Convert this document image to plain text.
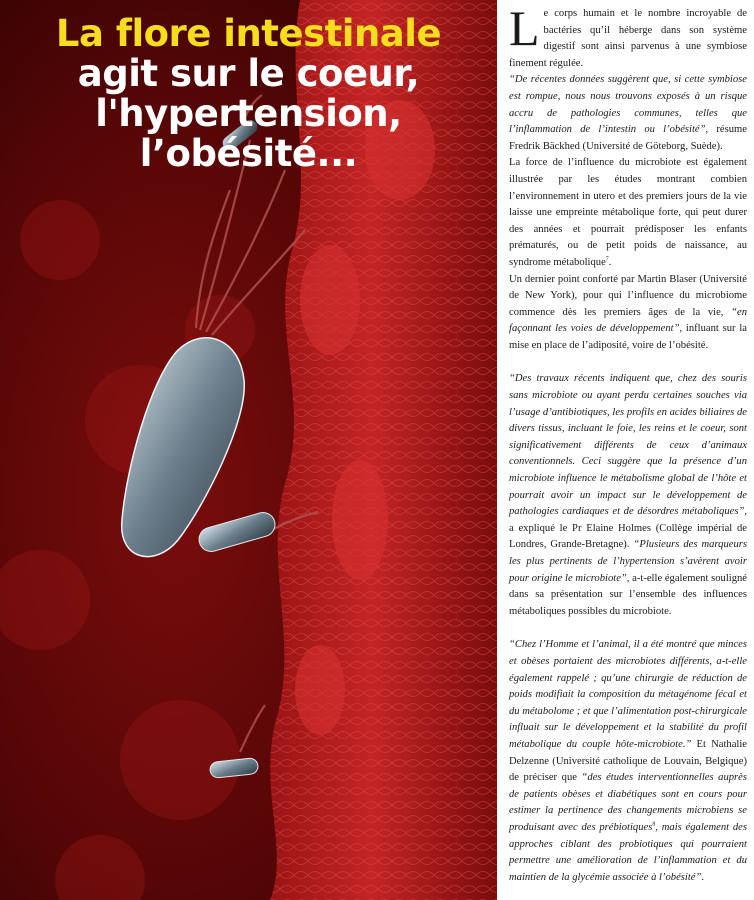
La flore intestinale
agit sur le coeur,
l'hypertension,
l’obésité...

Le corps humain et le nombre incroyable de bactéries qu’il héberge dans son système digestif sont ainsi parvenus à une symbiose finement régulée.

“De récentes données suggèrent que, si cette symbiose est rompue, nous nous trouvons exposés à un risque accru de pathologies communes, telles que l’inflammation de l’intestin ou l’obésité”, résume Fredrik Bäckhed (Université de Göteborg, Suède).

La force de l’influence du microbiote est également illustrée par les études montrant combien l’environnement in utero et des premiers jours de la vie laisse une empreinte métabolique forte, qui peut durer des années et pourrait prédisposer les enfants prématurés, ou de petit poids de naissance, au syndrome métabolique$^7$.

Un dernier point conforté par Martin Blaser (Université de New York), pour qui l’influence du microbiome commence dès les premiers âges de la vie, “en façonnant les voies de développement”, influant sur la mise en place de l’adiposité, voire de l’obésité.

“Des travaux récents indiquent que, chez des souris sans microbiote ou ayant perdu certaines souches via l’usage d’antibiotiques, les profils en acides biliaires de divers tissus, incluant le foie, les reins et le coeur, sont significativement différents de ceux d’animaux conventionnels. Ceci suggère que la présence d’un microbiote influence le métabolisme global de l’hôte et pourrait avoir un impact sur le développement de pathologies cardiaques et de désordres métaboliques”, a expliqué le Pr Elaine Holmes (Collège impérial de Londres, Grande-Bretagne). “Plusieurs des marqueurs les plus pertinents de l’hypertension s’avèrent avoir pour origine le microbiote”, a-t-elle également souligné dans sa présentation sur l’ensemble des influences métaboliques possibles du microbiote.

“Chez l’Homme et l’animal, il a été montré que minces et obèses portaient des microbiotes différents, a-t-elle également rappelé ; qu’une chirurgie de réduction de poids modifiait la composition du métagénome fécal et du métabolome ; et que l’alimentation post-chirurgicale influait sur le développement et la stabilité du profil métabolique du couple hôte-microbiote.” Et Nathalie Delzenne (Université catholique de Louvain, Belgique) de préciser que “des études interventionnelles auprès de patients obèses et diabétiques sont en cours pour estimer la pertinence des changements microbiens se produisant avec des prébiotiques$^8$, mais également des approches ciblant des probiotiques qui pourraient permettre une amélioration de l’inflammation et du maintien de la glycémie associée à l’obésité”.
